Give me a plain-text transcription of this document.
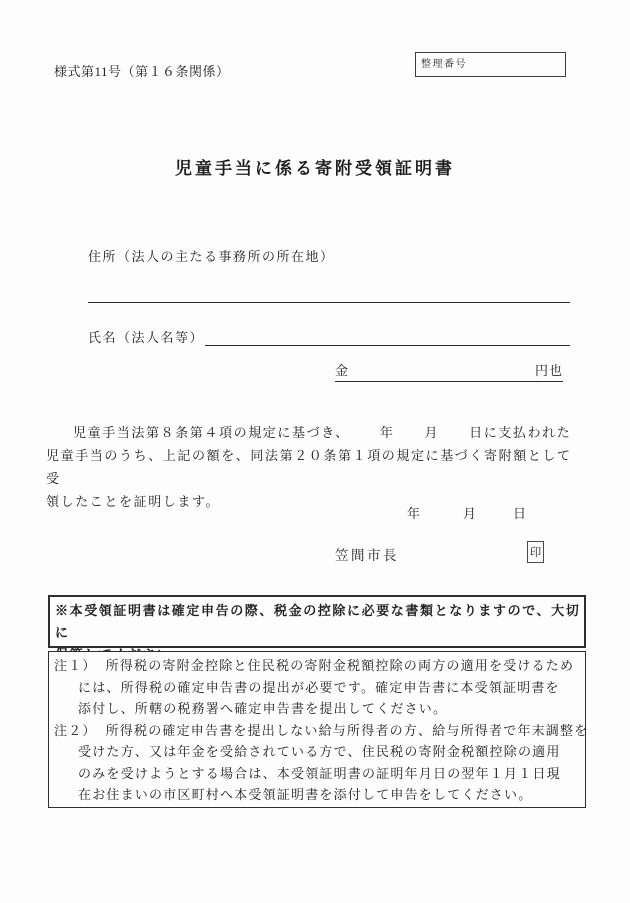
様式第11号（第１６条関係）	整理番号
児童手当に係る寄附受領証明書
住所（法人の主たる事務所の所在地）
氏名（法人名等）
金	円也
児童手当法第８条第４項の規定に基づき、 年 月 日に支払われた
児童手当のうち、上記の額を、同法第２０条第１項の規定に基づく寄附額として受
領したことを証明します。
年	月	日
笠間市長	印
※本受領証明書は確定申告の際、税金の控除に必要な書類となりますので、大切に
注１） 所得税の寄附金控除と住民税の寄附金税額控除の両方の適用を受けるため
には、所得税の確定申告書の提出が必要です。確定申告書に本受領証明書を
添付し、所轄の税務署へ確定申告書を提出してください。
注２） 所得税の確定申告書を提出しない給与所得者の方、給与所得者で年末調整を
受けた方、又は年金を受給されている方で、住民税の寄附金税額控除の適用
のみを受けようとする場合は、本受領証明書の証明年月日の翌年１月１日現
在お住まいの市区町村へ本受領証明書を添付して申告をしてください。
